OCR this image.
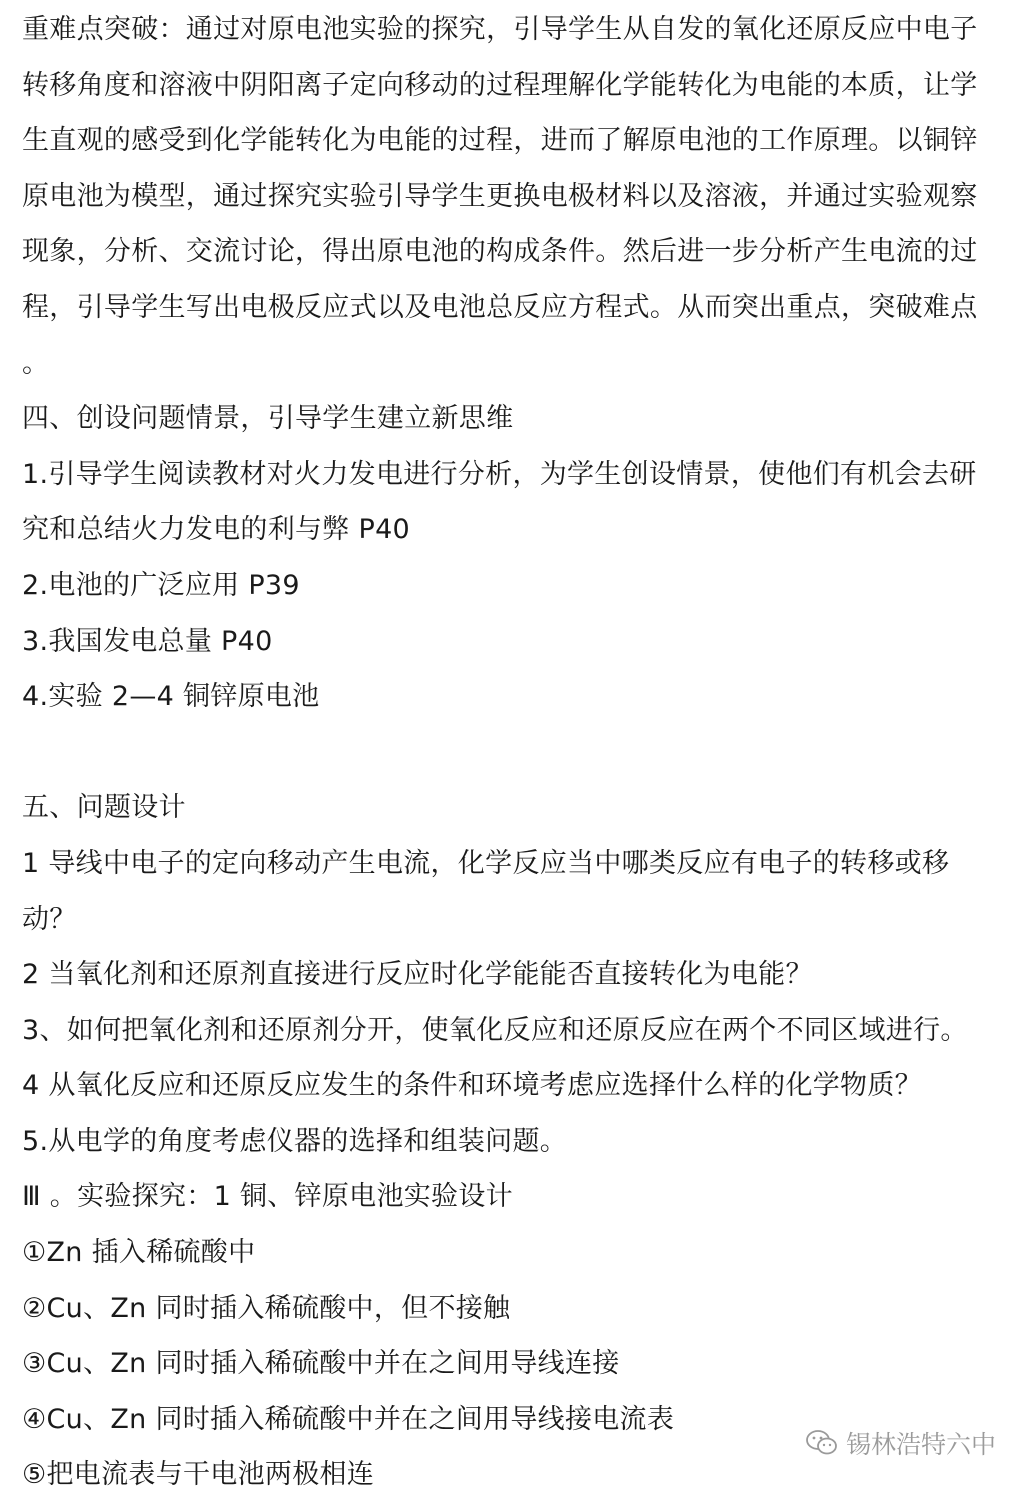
重难点突破：通过对原电池实验的探究，引导学生从自发的氧化还原反应中电子
转移角度和溶液中阴阳离子定向移动的过程理解化学能转化为电能的本质，让学
生直观的感受到化学能转化为电能的过程，进而了解原电池的工作原理。以铜锌
原电池为模型，通过探究实验引导学生更换电极材料以及溶液，并通过实验观察
现象，分析、交流讨论，得出原电池的构成条件。然后进一步分析产生电流的过
程，引导学生写出电极反应式以及电池总反应方程式。从而突出重点，突破难点
。
四、创设问题情景，引导学生建立新思维
1.引导学生阅读教材对火力发电进行分析，为学生创设情景，使他们有机会去研
究和总结火力发电的利与弊 P40
2.电池的广泛应用 P39
3.我国发电总量 P40
4.实验 2—4 铜锌原电池
五、问题设计
1 导线中电子的定向移动产生电流，化学反应当中哪类反应有电子的转移或移
动？
2 当氧化剂和还原剂直接进行反应时化学能能否直接转化为电能？
3、如何把氧化剂和还原剂分开，使氧化反应和还原反应在两个不同区域进行。
4 从氧化反应和还原反应发生的条件和环境考虑应选择什么样的化学物质？
5.从电学的角度考虑仪器的选择和组装问题。
Ⅲ 。实验探究：1 铜、锌原电池实验设计
①Zn 插入稀硫酸中
②Cu、Zn 同时插入稀硫酸中，但不接触
③Cu、Zn 同时插入稀硫酸中并在之间用导线连接
④Cu、Zn 同时插入稀硫酸中并在之间用导线接电流表
⑤把电流表与干电池两极相连
锡林浩特六中
